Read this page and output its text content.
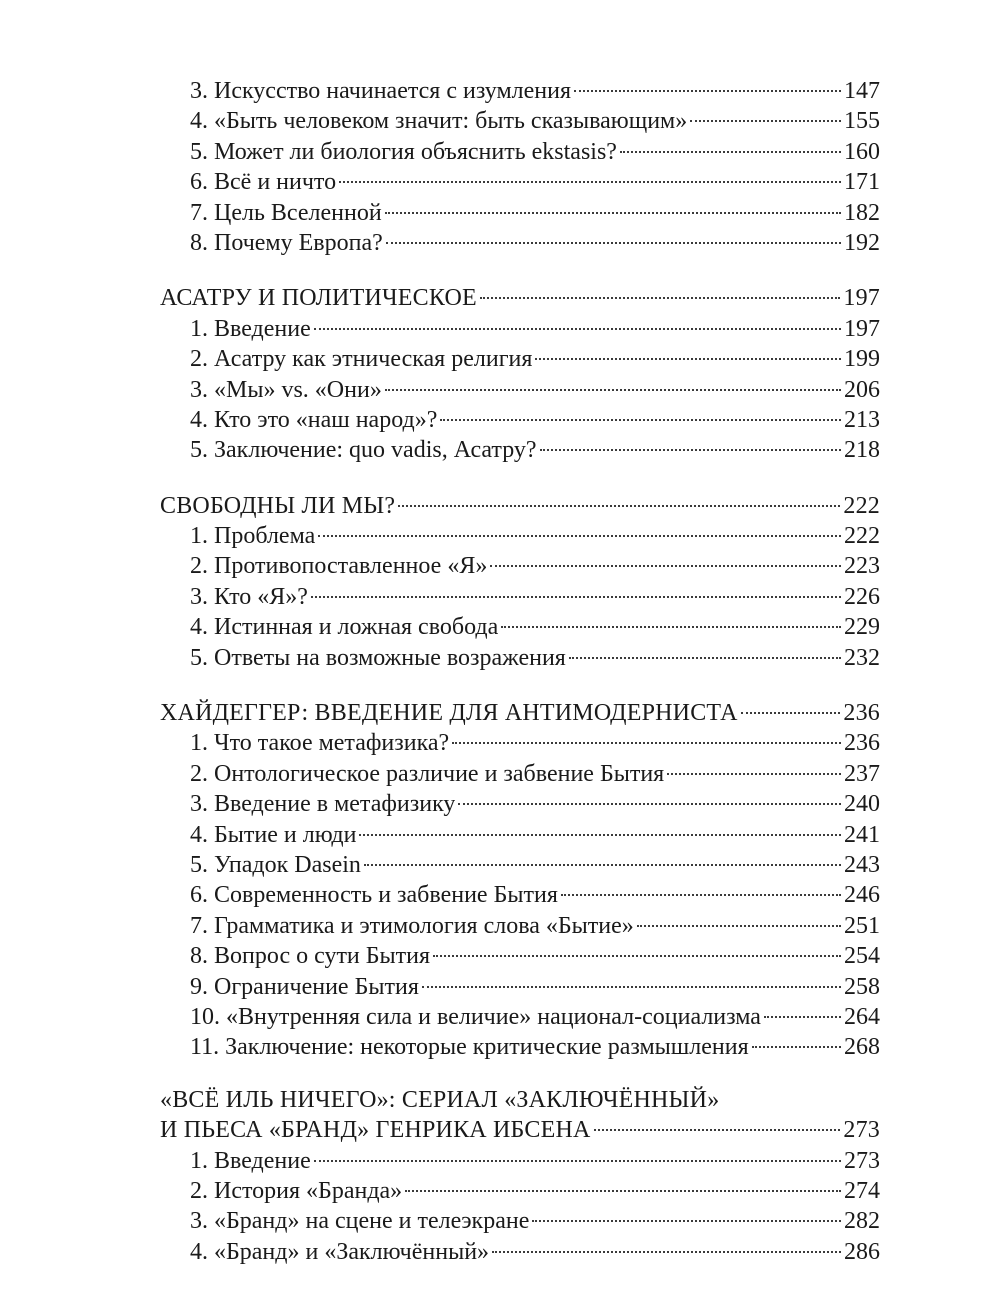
3. Искусство начинается с изумления	147
4. «Быть человеком значит: быть сказывающим»	155
5. Может ли биология объяснить ekstasis?	160
6. Всё и ничто	171
7. Цель Вселенной	182
8. Почему Европа?	192
АСАТРУ И ПОЛИТИЧЕСКОЕ	197
1. Введение	197
2. Асатру как этническая религия	199
3. «Мы» vs. «Они»	206
4. Кто это «наш народ»?	213
5. Заключение: quo vadis, Асатру?	218
СВОБОДНЫ ЛИ МЫ?	222
1. Проблема	222
2. Противопоставленное «Я»	223
3. Кто «Я»?	226
4. Истинная и ложная свобода	229
5. Ответы на возможные возражения	232
ХАЙДЕГГЕР: ВВЕДЕНИЕ ДЛЯ АНТИМОДЕРНИСТА	236
1. Что такое метафизика?	236
2. Онтологическое различие и забвение Бытия	237
3. Введение в метафизику	240
4. Бытие и люди	241
5. Упадок Dasein	243
6. Современность и забвение Бытия	246
7. Грамматика и этимология слова «Бытие»	251
8. Вопрос о сути Бытия	254
9. Ограничение Бытия	258
10. «Внутренняя сила и величие» национал-социализма	264
11. Заключение: некоторые критические размышления	268
«ВСЁ ИЛЬ НИЧЕГО»: СЕРИАЛ «ЗАКЛЮЧЁННЫЙ»
И ПЬЕСА «БРАНД» ГЕНРИКА ИБСЕНА	273
1. Введение	273
2. История «Бранда»	274
3. «Бранд» на сцене и телеэкране	282
4. «Бранд» и «Заключённый»	286
